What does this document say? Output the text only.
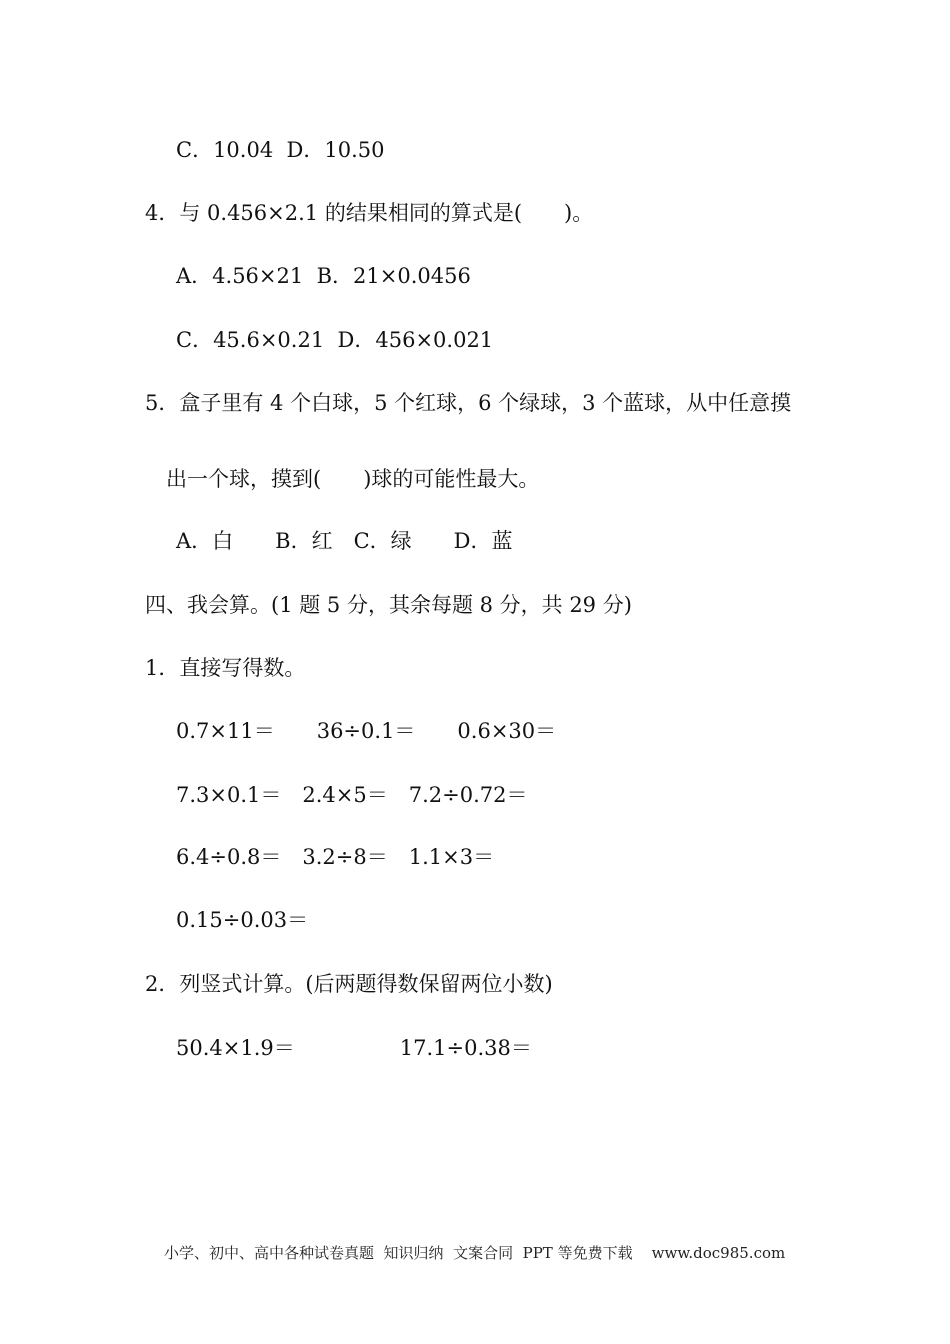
C．10.04  D．10.50
4．与 0.456×2.1 的结果相同的算式是(　　)。
A．4.56×21  B．21×0.0456
C．45.6×0.21  D．456×0.021
5．盒子里有 4 个白球，5 个红球，6 个绿球，3 个蓝球，从中任意摸
出一个球，摸到(　　)球的可能性最大。
A．白　　B．红　C．绿　　D．蓝
四、我会算。(1 题 5 分，其余每题 8 分，共 29 分)
1．直接写得数。
0.7×11＝　　36÷0.1＝　　0.6×30＝
7.3×0.1＝　2.4×5＝　7.2÷0.72＝
6.4÷0.8＝　3.2÷8＝　1.1×3＝
0.15÷0.03＝
2．列竖式计算。(后两题得数保留两位小数)
50.4×1.9＝　　　　　17.1÷0.38＝
小学、初中、高中各种试卷真题  知识归纳  文案合同  PPT 等免费下载    www.doc985.com
